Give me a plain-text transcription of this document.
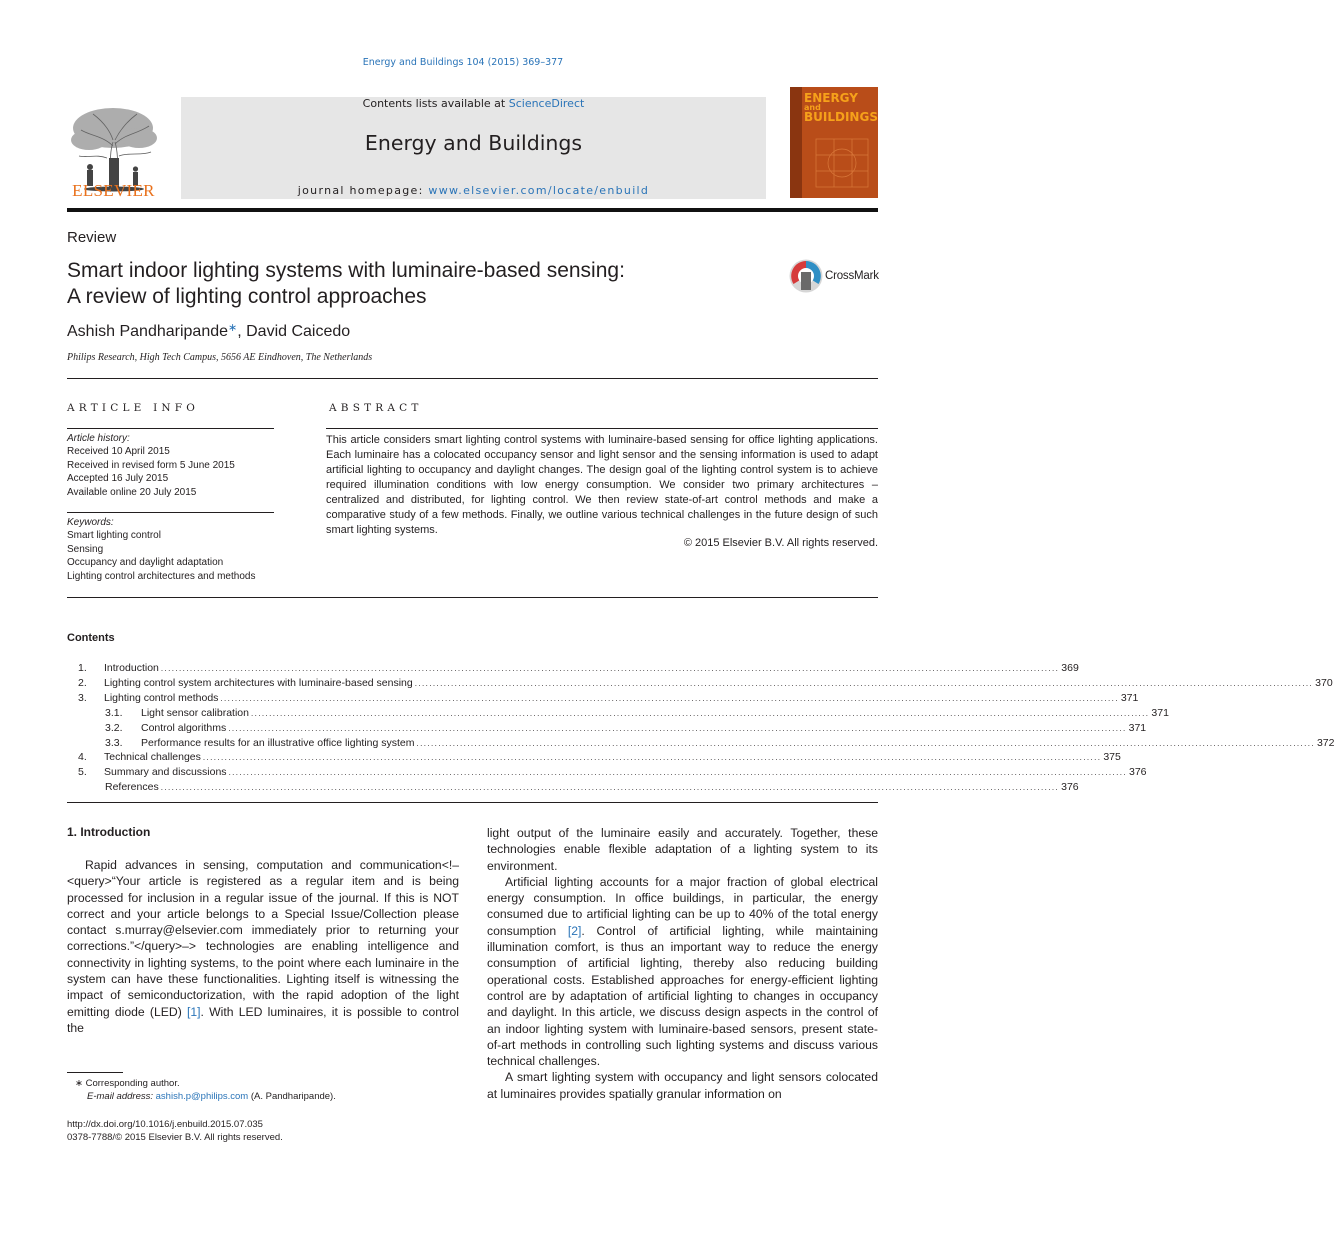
Energy and Buildings 104 (2015) 369–377
ELSEVIER
Contents lists available at ScienceDirect
Energy and Buildings
journal homepage: www.elsevier.com/locate/enbuild
ENERGY
and
BUILDINGS
Review
Smart indoor lighting systems with luminaire-based sensing:
A review of lighting control approaches
CrossMark
Ashish Pandharipande∗, David Caicedo
Philips Research, High Tech Campus, 5656 AE Eindhoven, The Netherlands
ARTICLE INFO
Article history:
Received 10 April 2015
Received in revised form 5 June 2015
Accepted 16 July 2015
Available online 20 July 2015
Keywords:
Smart lighting control
Sensing
Occupancy and daylight adaptation
Lighting control architectures and methods
ABSTRACT
This article considers smart lighting control systems with luminaire-based sensing for office lighting applications. Each luminaire has a colocated occupancy sensor and light sensor and the sensing information is used to adapt artificial lighting to occupancy and daylight changes. The design goal of the lighting control system is to achieve required illumination conditions with low energy consumption. We consider two primary architectures – centralized and distributed, for lighting control. We then review state-of-art control methods and make a comparative study of a few methods. Finally, we outline various technical challenges in the future design of such smart lighting systems.
© 2015 Elsevier B.V. All rights reserved.
Contents
1.	Introduction ........................................................................................................................................................................................................................................................ 369
2.	Lighting control system architectures with luminaire-based sensing ........................................................................................................................................................................................................................................................ 370
3.	Lighting control methods ........................................................................................................................................................................................................................................................ 371
3.1.	Light sensor calibration ........................................................................................................................................................................................................................................................ 371
3.2.	Control algorithms ........................................................................................................................................................................................................................................................ 371
3.3.	Performance results for an illustrative office lighting system ........................................................................................................................................................................................................................................................ 372
4.	Technical challenges ........................................................................................................................................................................................................................................................ 375
5.	Summary and discussions ........................................................................................................................................................................................................................................................ 376
References ........................................................................................................................................................................................................................................................ 376
1. Introduction

Rapid advances in sensing, computation and communication<!–<query>“Your article is registered as a regular item and is being processed for inclusion in a regular issue of the journal. If this is NOT correct and your article belongs to a Special Issue/Collection please contact s.murray@elsevier.com immediately prior to returning your corrections.”</query>–> technologies are enabling intelligence and connectivity in lighting systems, to the point where each luminaire in the system can have these functionalities. Lighting itself is witnessing the impact of semiconductorization, with the rapid adoption of the light emitting diode (LED) [1]. With LED luminaires, it is possible to control the

light output of the luminaire easily and accurately. Together, these technologies enable flexible adaptation of a lighting system to its environment.

Artificial lighting accounts for a major fraction of global electrical energy consumption. In office buildings, in particular, the energy consumed due to artificial lighting can be up to 40% of the total energy consumption [2]. Control of artificial lighting, while maintaining illumination comfort, is thus an important way to reduce the energy consumption of artificial lighting, thereby also reducing building operational costs. Established approaches for energy-efficient lighting control are by adaptation of artificial lighting to changes in occupancy and daylight. In this article, we discuss design aspects in the control of an indoor lighting system with luminaire-based sensors, present state-of-art methods in controlling such lighting systems and discuss various technical challenges.

A smart lighting system with occupancy and light sensors colocated at luminaires provides spatially granular information on

∗ Corresponding author.
E-mail address: ashish.p@philips.com (A. Pandharipande).
http://dx.doi.org/10.1016/j.enbuild.2015.07.035
0378-7788/© 2015 Elsevier B.V. All rights reserved.
